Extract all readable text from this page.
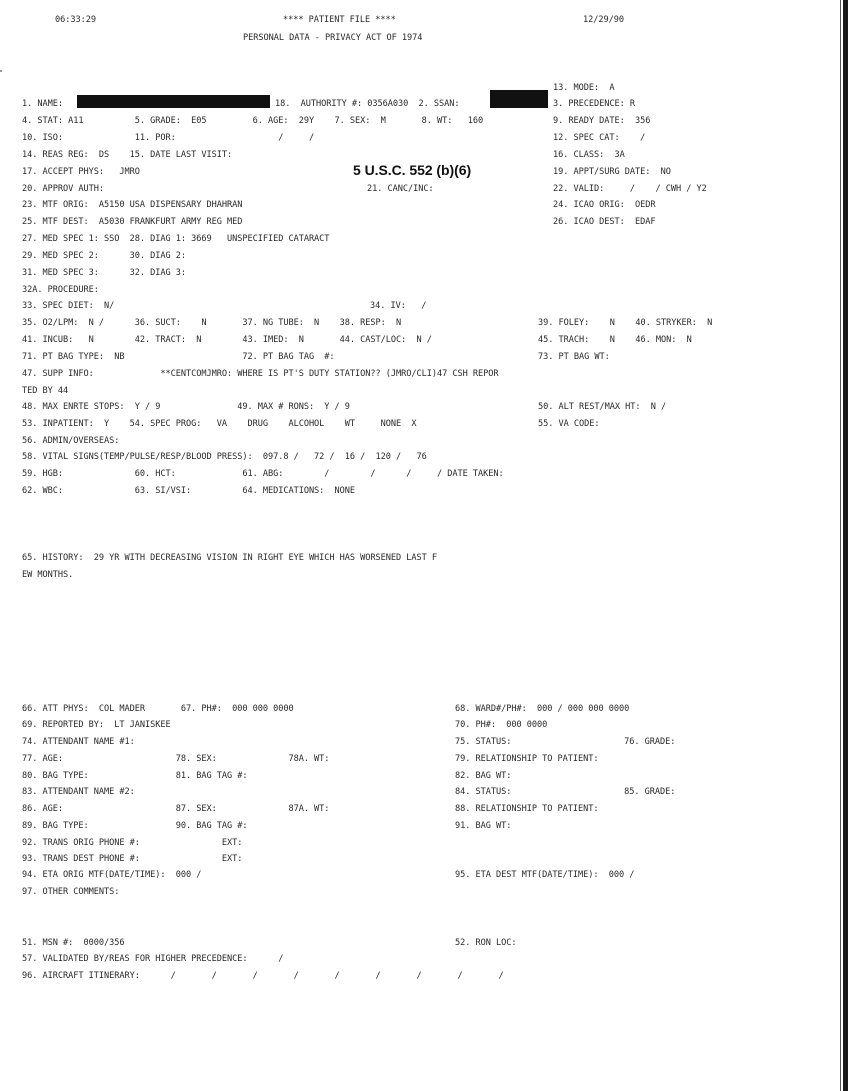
06:33:29	**** PATIENT FILE ****
PERSONAL DATA - PRIVACY ACT OF 1974
12/29/90
13. MODE:  A
1. NAME:	18.  AUTHORITY #: 0356A030  2. SSAN:	3. PRECEDENCE: R
4. STAT: A11          5. GRADE:  E05         6. AGE:  29Y    7. SEX:  M       8. WT:   160	9. READY DATE:  356
10. ISO:              11. POR:                    /     /	12. SPEC CAT:    /
14. REAS REG:  DS    15. DATE LAST VISIT:	16. CLASS:  3A
17. ACCEPT PHYS:   JMRO	5 U.S.C. 552 (b)(6)	19. APPT/SURG DATE:  NO
20. APPROV AUTH:	21. CANC/INC:	22. VALID:     /    / CWH / Y2
23. MTF ORIG:  A5150 USA DISPENSARY DHAHRAN	24. ICAO ORIG:  OEDR
25. MTF DEST:  A5030 FRANKFURT ARMY REG MED	26. ICAO DEST:  EDAF
27. MED SPEC 1: SSO  28. DIAG 1: 3669   UNSPECIFIED CATARACT
29. MED SPEC 2:      30. DIAG 2:
31. MED SPEC 3:      32. DIAG 3:
32A. PROCEDURE:
33. SPEC DIET:  N/	34. IV:   /
35. O2/LPM:  N /      36. SUCT:    N       37. NG TUBE:  N    38. RESP:  N	39. FOLEY:    N    40. STRYKER:  N
41. INCUB:   N        42. TRACT:  N        43. IMED:  N       44. CAST/LOC:  N /	45. TRACH:    N    46. MON:  N
71. PT BAG TYPE:  NB                       72. PT BAG TAG  #:	73. PT BAG WT:
47. SUPP INFO:             **CENTCOMJMRO: WHERE IS PT'S DUTY STATION?? (JMRO/CLI)47 CSH REPOR
TED BY 44
48. MAX ENRTE STOPS:  Y / 9               49. MAX # RONS:  Y / 9	50. ALT REST/MAX HT:  N /
53. INPATIENT:  Y    54. SPEC PROG:   VA    DRUG    ALCOHOL    WT     NONE  X	55. VA CODE:
56. ADMIN/OVERSEAS:
58. VITAL SIGNS(TEMP/PULSE/RESP/BLOOD PRESS):  097.8 /   72 /  16 /  120 /   76
59. HGB:              60. HCT:             61. ABG:        /        /      /     / DATE TAKEN:
62. WBC:              63. SI/VSI:          64. MEDICATIONS:  NONE
65. HISTORY:  29 YR WITH DECREASING VISION IN RIGHT EYE WHICH HAS WORSENED LAST F
EW MONTHS.
66. ATT PHYS:  COL MADER       67. PH#:  000 000 0000	68. WARD#/PH#:  000 / 000 000 0000
69. REPORTED BY:  LT JANISKEE	70. PH#:  000 0000
74. ATTENDANT NAME #1:	75. STATUS:                      76. GRADE:
77. AGE:                      78. SEX:              78A. WT:	79. RELATIONSHIP TO PATIENT:
80. BAG TYPE:                 81. BAG TAG #:	82. BAG WT:
83. ATTENDANT NAME #2:	84. STATUS:                      85. GRADE:
86. AGE:                      87. SEX:              87A. WT:	88. RELATIONSHIP TO PATIENT:
89. BAG TYPE:                 90. BAG TAG #:	91. BAG WT:
92. TRANS ORIG PHONE #:                EXT:
93. TRANS DEST PHONE #:                EXT:
94. ETA ORIG MTF(DATE/TIME):  000 /	95. ETA DEST MTF(DATE/TIME):  000 /
97. OTHER COMMENTS:
51. MSN #:  0000/356	52. RON LOC:
57. VALIDATED BY/REAS FOR HIGHER PRECEDENCE:      /
96. AIRCRAFT ITINERARY:      /       /       /       /       /       /       /       /       /
